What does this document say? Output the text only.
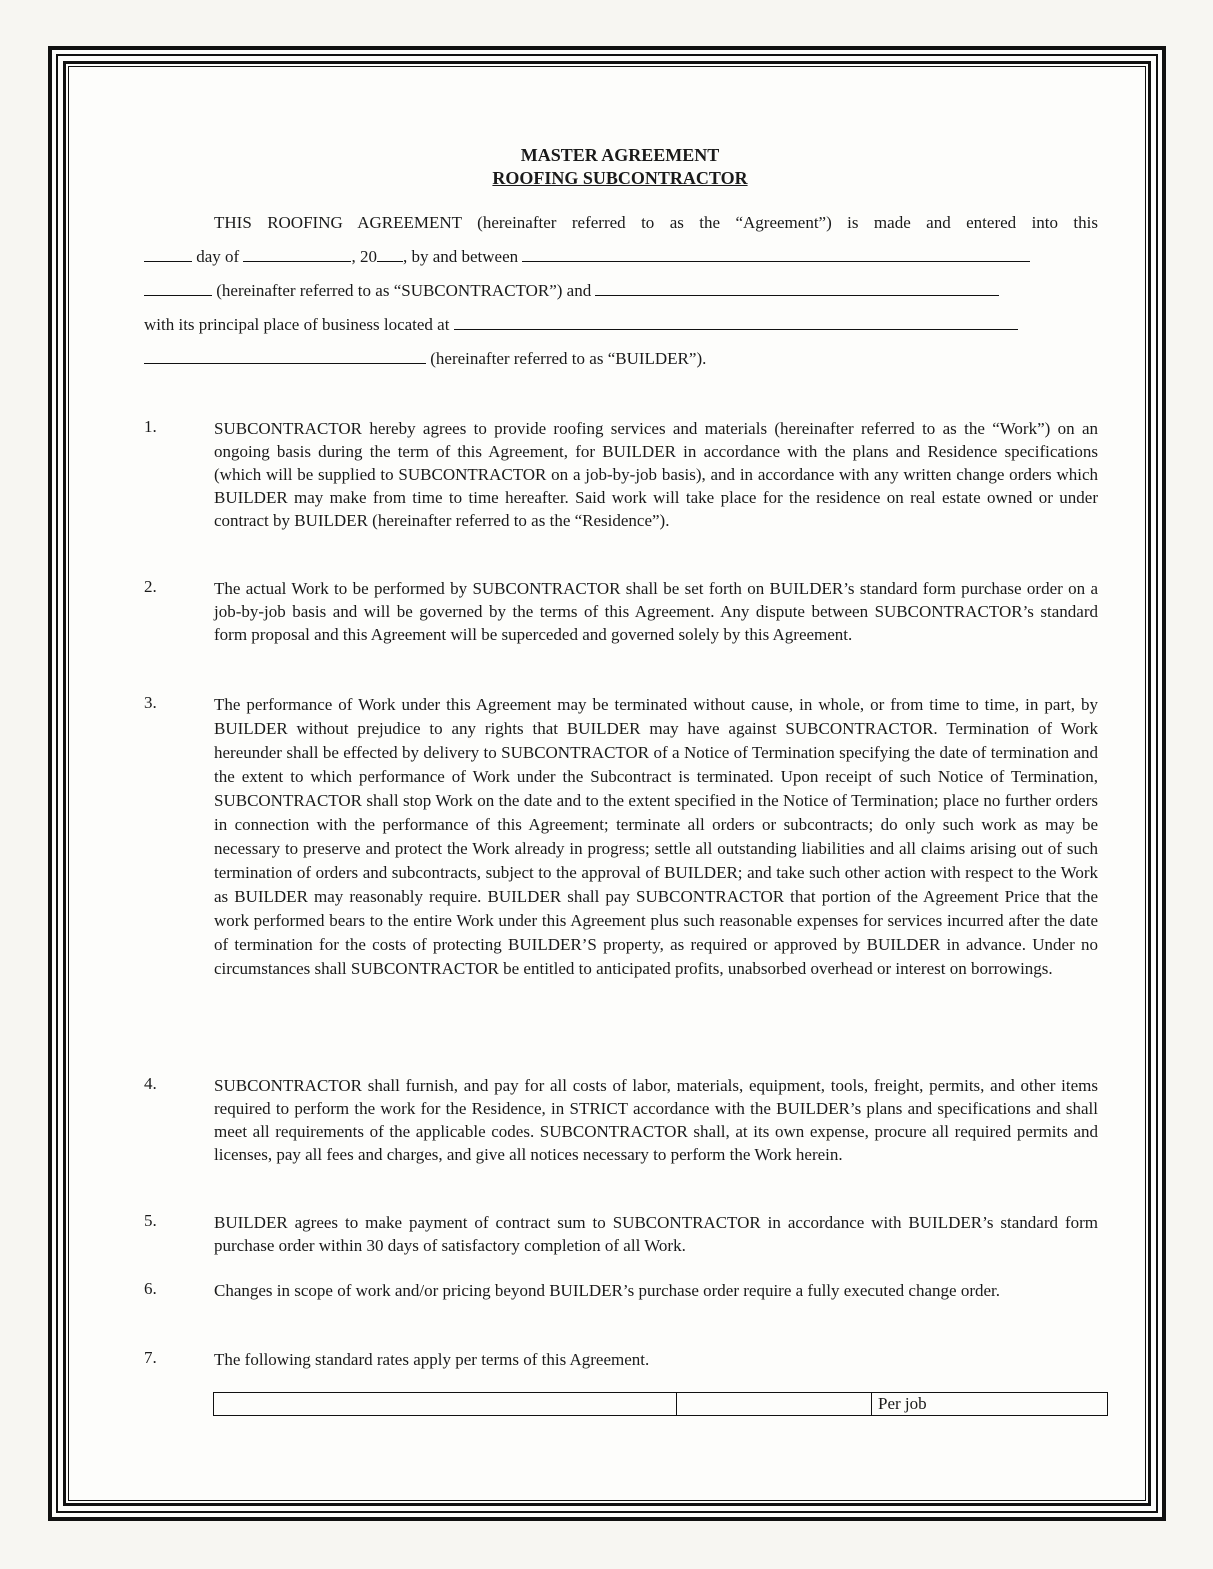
MASTER AGREEMENT
ROOFING SUBCONTRACTOR
THIS ROOFING AGREEMENT (hereinafter referred to as the “Agreement”) is made and entered into this
day of	, 20 , by and between
(hereinafter referred to as “SUBCONTRACTOR”) and
with its principal place of business located at
(hereinafter referred to as “BUILDER”).
1.	SUBCONTRACTOR hereby agrees to provide roofing services and materials (hereinafter referred to as the “Work”) on an ongoing basis during the term of this Agreement, for BUILDER in accordance with the plans and Residence specifications (which will be supplied to SUBCONTRACTOR on a job-by-job basis), and in accordance with any written change orders which BUILDER may make from time to time hereafter. Said work will take place for the residence on real estate owned or under contract by BUILDER (hereinafter referred to as the “Residence”).
2.	The actual Work to be performed by SUBCONTRACTOR shall be set forth on BUILDER’s standard form purchase order on a job-by-job basis and will be governed by the terms of this Agreement. Any dispute between SUBCONTRACTOR’s standard form proposal and this Agreement will be superceded and governed solely by this Agreement.
3.	The performance of Work under this Agreement may be terminated without cause, in whole, or from time to time, in part, by BUILDER without prejudice to any rights that BUILDER may have against SUBCONTRACTOR. Termination of Work hereunder shall be effected by delivery to SUBCONTRACTOR of a Notice of Termination specifying the date of termination and the extent to which performance of Work under the Subcontract is terminated. Upon receipt of such Notice of Termination, SUBCONTRACTOR shall stop Work on the date and to the extent specified in the Notice of Termination; place no further orders in connection with the performance of this Agreement; terminate all orders or subcontracts; do only such work as may be necessary to preserve and protect the Work already in progress; settle all outstanding liabilities and all claims arising out of such termination of orders and subcontracts, subject to the approval of BUILDER; and take such other action with respect to the Work as BUILDER may reasonably require. BUILDER shall pay SUBCONTRACTOR that portion of the Agreement Price that the work performed bears to the entire Work under this Agreement plus such reasonable expenses for services incurred after the date of termination for the costs of protecting BUILDER’S property, as required or approved by BUILDER in advance. Under no circumstances shall SUBCONTRACTOR be entitled to anticipated profits, unabsorbed overhead or interest on borrowings.
4.	SUBCONTRACTOR shall furnish, and pay for all costs of labor, materials, equipment, tools, freight, permits, and other items required to perform the work for the Residence, in STRICT accordance with the BUILDER’s plans and specifications and shall meet all requirements of the applicable codes. SUBCONTRACTOR shall, at its own expense, procure all required permits and licenses, pay all fees and charges, and give all notices necessary to perform the Work herein.
5.	BUILDER agrees to make payment of contract sum to SUBCONTRACTOR in accordance with BUILDER’s standard form purchase order within 30 days of satisfactory completion of all Work.
6.	Changes in scope of work and/or pricing beyond BUILDER’s purchase order require a fully executed change order.
7.	The following standard rates apply per terms of this Agreement.
		Per job
